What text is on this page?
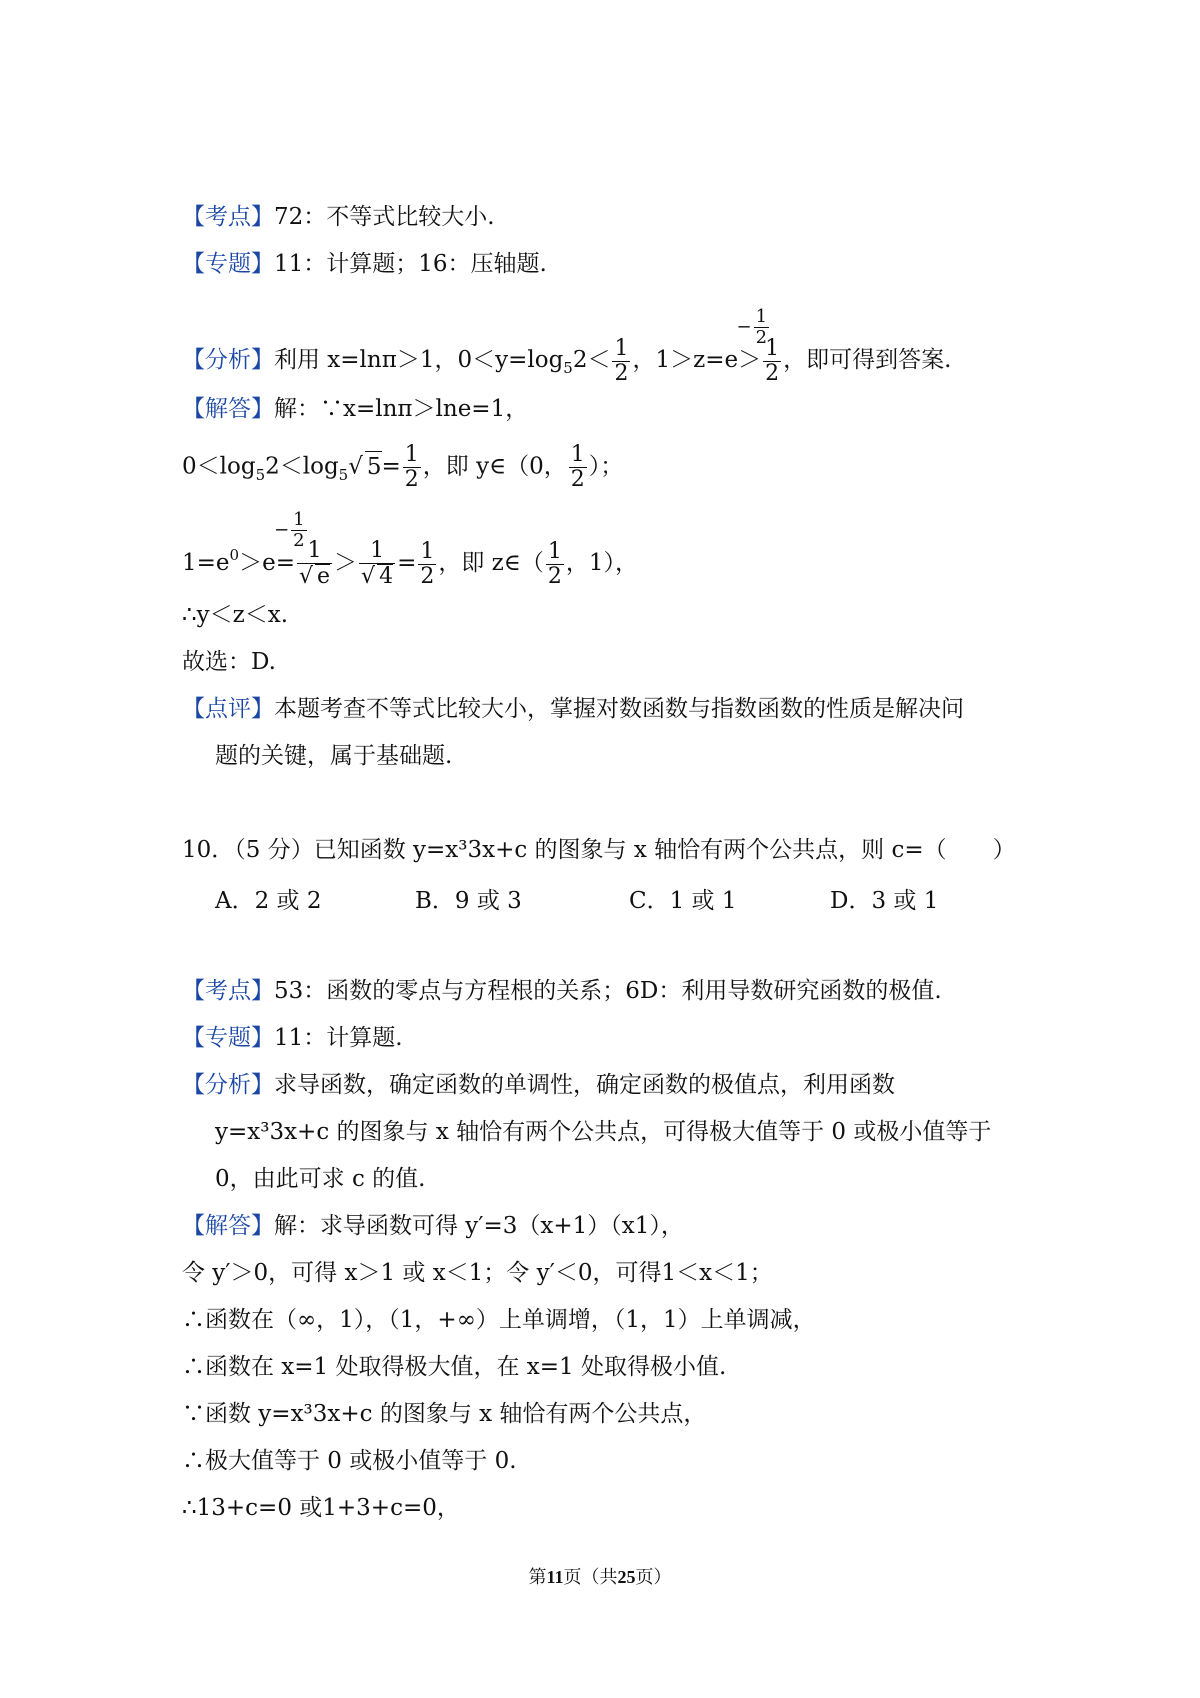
【考点】72：不等式比较大小.
【专题】11：计算题；16：压轴题.
【分析】利用 x=lnπ＞1，$0<y=\log_52< \frac{1}{2}$ ，1＞z=e
− $\frac{1}{2}$
＞ $\frac{1}{2}$ ，即可得到答案.
【解答】解：∵x=lnπ＞lne=1，
$0<\log_52<\log_5√$ $5= \frac{1}{2}$ ，即 y∈（0， $\frac{1}{2}$ ）；
$1=e^0>e$
− $\frac{1}{2}$
= $\frac{1}{√ e} > \frac{1}{√ 4} = \frac{1}{2}$ ，即 z∈（ $\frac{1}{2}$ ，1），
∴y＜z＜x.
故选：D.
【点评】本题考查不等式比较大小，掌握对数函数与指数函数的性质是解决问
题的关键，属于基础题.
10．（5 分）已知函数 y=x³3x+c 的图象与 x 轴恰有两个公共点，则 c=（　　）
A．2 或 2	B．9 或 3	C．1 或 1	D．3 或 1
【考点】53：函数的零点与方程根的关系；6D：利用导数研究函数的极值.
【专题】11：计算题.
【分析】求导函数，确定函数的单调性，确定函数的极值点，利用函数
y=x³3x+c 的图象与 x 轴恰有两个公共点，可得极大值等于 0 或极小值等于
0，由此可求 c 的值.
【解答】解：求导函数可得 y′=3（x+1）（x1），
令 y′＞0，可得 x＞1 或 x＜1；令 y′＜0，可得1＜x＜1；
∴函数在（∞，1），（1，+∞）上单调增，（1，1）上单调减，
∴函数在 x=1 处取得极大值，在 x=1 处取得极小值.
∵函数 y=x³3x+c 的图象与 x 轴恰有两个公共点，
∴极大值等于 0 或极小值等于 0.
∴13+c=0 或1+3+c=0，
第11页（共25页）
